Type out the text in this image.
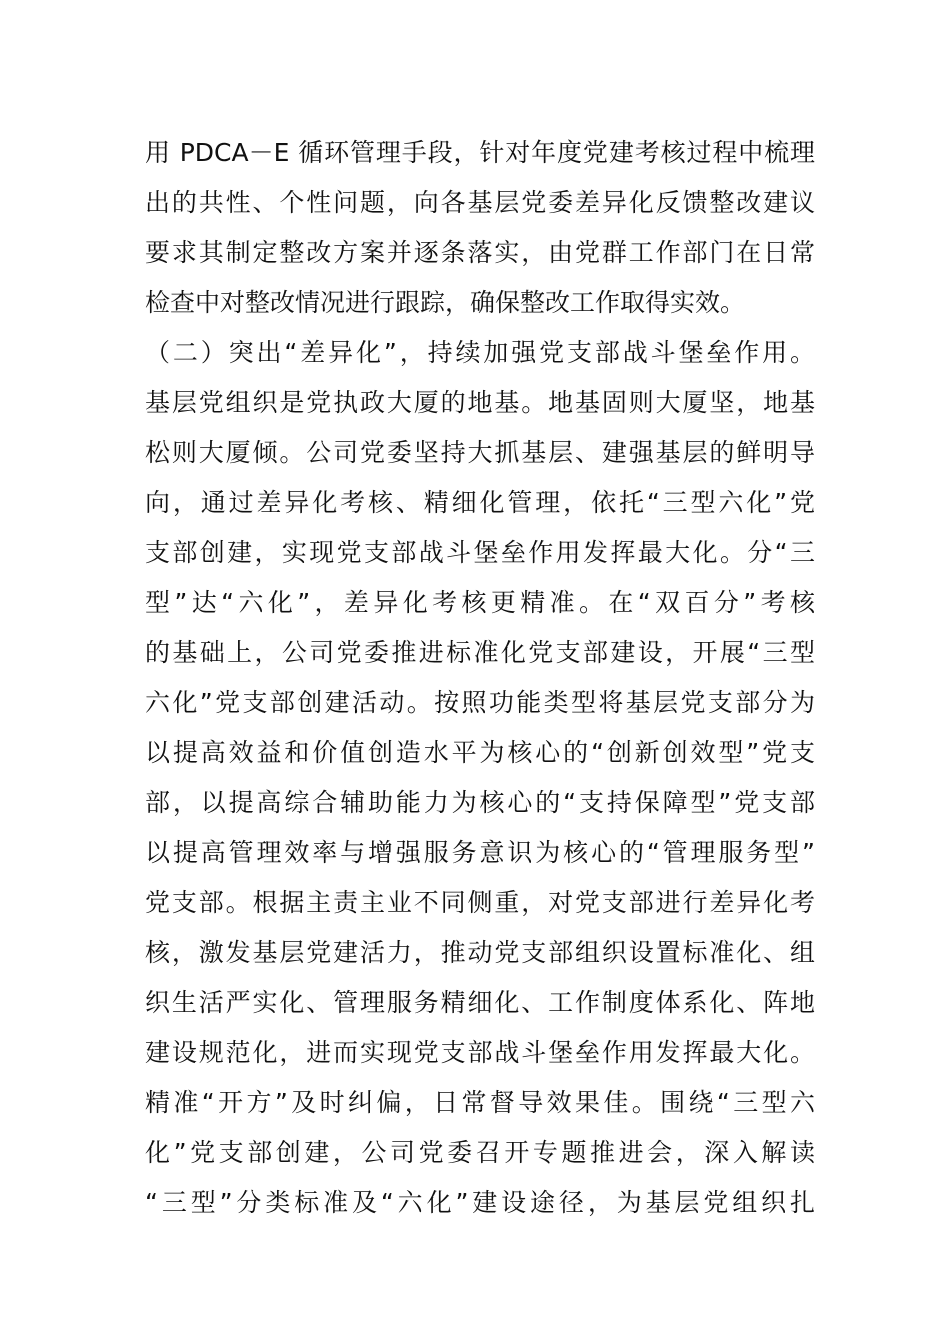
用 PDCA－E 循环管理手段，针对年度党建考核过程中梳理
出的共性、个性问题，向各基层党委差异化反馈整改建议
要求其制定整改方案并逐条落实，由党群工作部门在日常
检查中对整改情况进行跟踪，确保整改工作取得实效。
（二）突出“差异化”，持续加强党支部战斗堡垒作用。
基层党组织是党执政大厦的地基。地基固则大厦坚，地基
松则大厦倾。公司党委坚持大抓基层、建强基层的鲜明导
向，通过差异化考核、精细化管理，依托“三型六化”党
支部创建，实现党支部战斗堡垒作用发挥最大化。分“三
型”达“六化”，差异化考核更精准。在“双百分”考核
的基础上，公司党委推进标准化党支部建设，开展“三型
六化”党支部创建活动。按照功能类型将基层党支部分为
以提高效益和价值创造水平为核心的“创新创效型”党支
部，以提高综合辅助能力为核心的“支持保障型”党支部
以提高管理效率与增强服务意识为核心的“管理服务型”
党支部。根据主责主业不同侧重，对党支部进行差异化考
核，激发基层党建活力，推动党支部组织设置标准化、组
织生活严实化、管理服务精细化、工作制度体系化、阵地
建设规范化，进而实现党支部战斗堡垒作用发挥最大化。
精准“开方”及时纠偏，日常督导效果佳。围绕“三型六
化”党支部创建，公司党委召开专题推进会，深入解读
“三型”分类标准及“六化”建设途径，为基层党组织扎
